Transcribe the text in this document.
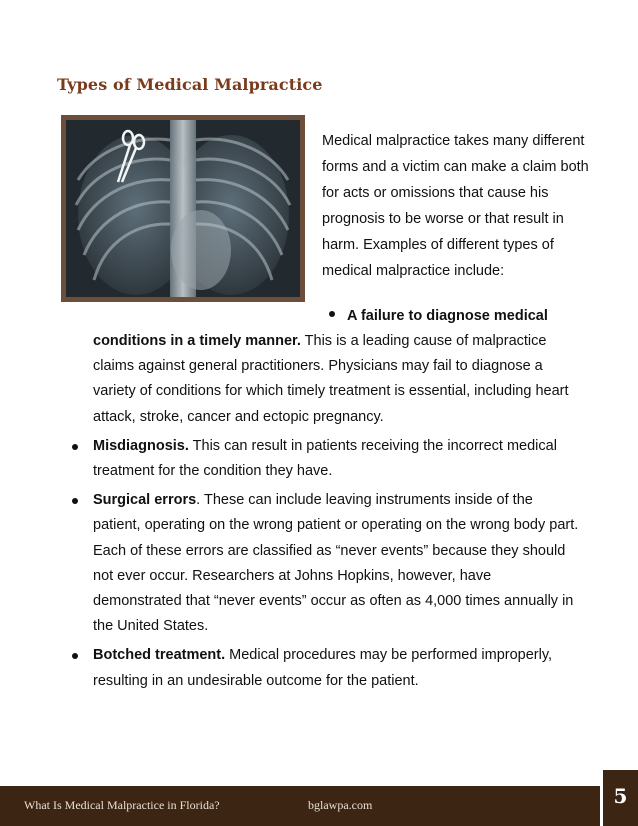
Types of Medical Malpractice
Medical malpractice takes many different forms and a victim can make a claim both for acts or omissions that cause his prognosis to be worse or that result in harm. Examples of different types of medical malpractice include:
A failure to diagnose medical
conditions in a timely manner. This is a leading cause of malpractice claims against general practitioners. Physicians may fail to diagnose a variety of conditions for which timely treatment is essential, including heart attack, stroke, cancer and ectopic pregnancy.
Misdiagnosis. This can result in patients receiving the incorrect medical treatment for the condition they have.
Surgical errors. These can include leaving instruments inside of the patient, operating on the wrong patient or operating on the wrong body part. Each of these errors are classified as “never events” because they should not ever occur. Researchers at Johns Hopkins, however, have demonstrated that “never events” occur as often as 4,000 times annually in the United States.
Botched treatment. Medical procedures may be performed improperly, resulting in an undesirable outcome for the patient.
What Is Medical Malpractice in Florida?	bglawpa.com	5
